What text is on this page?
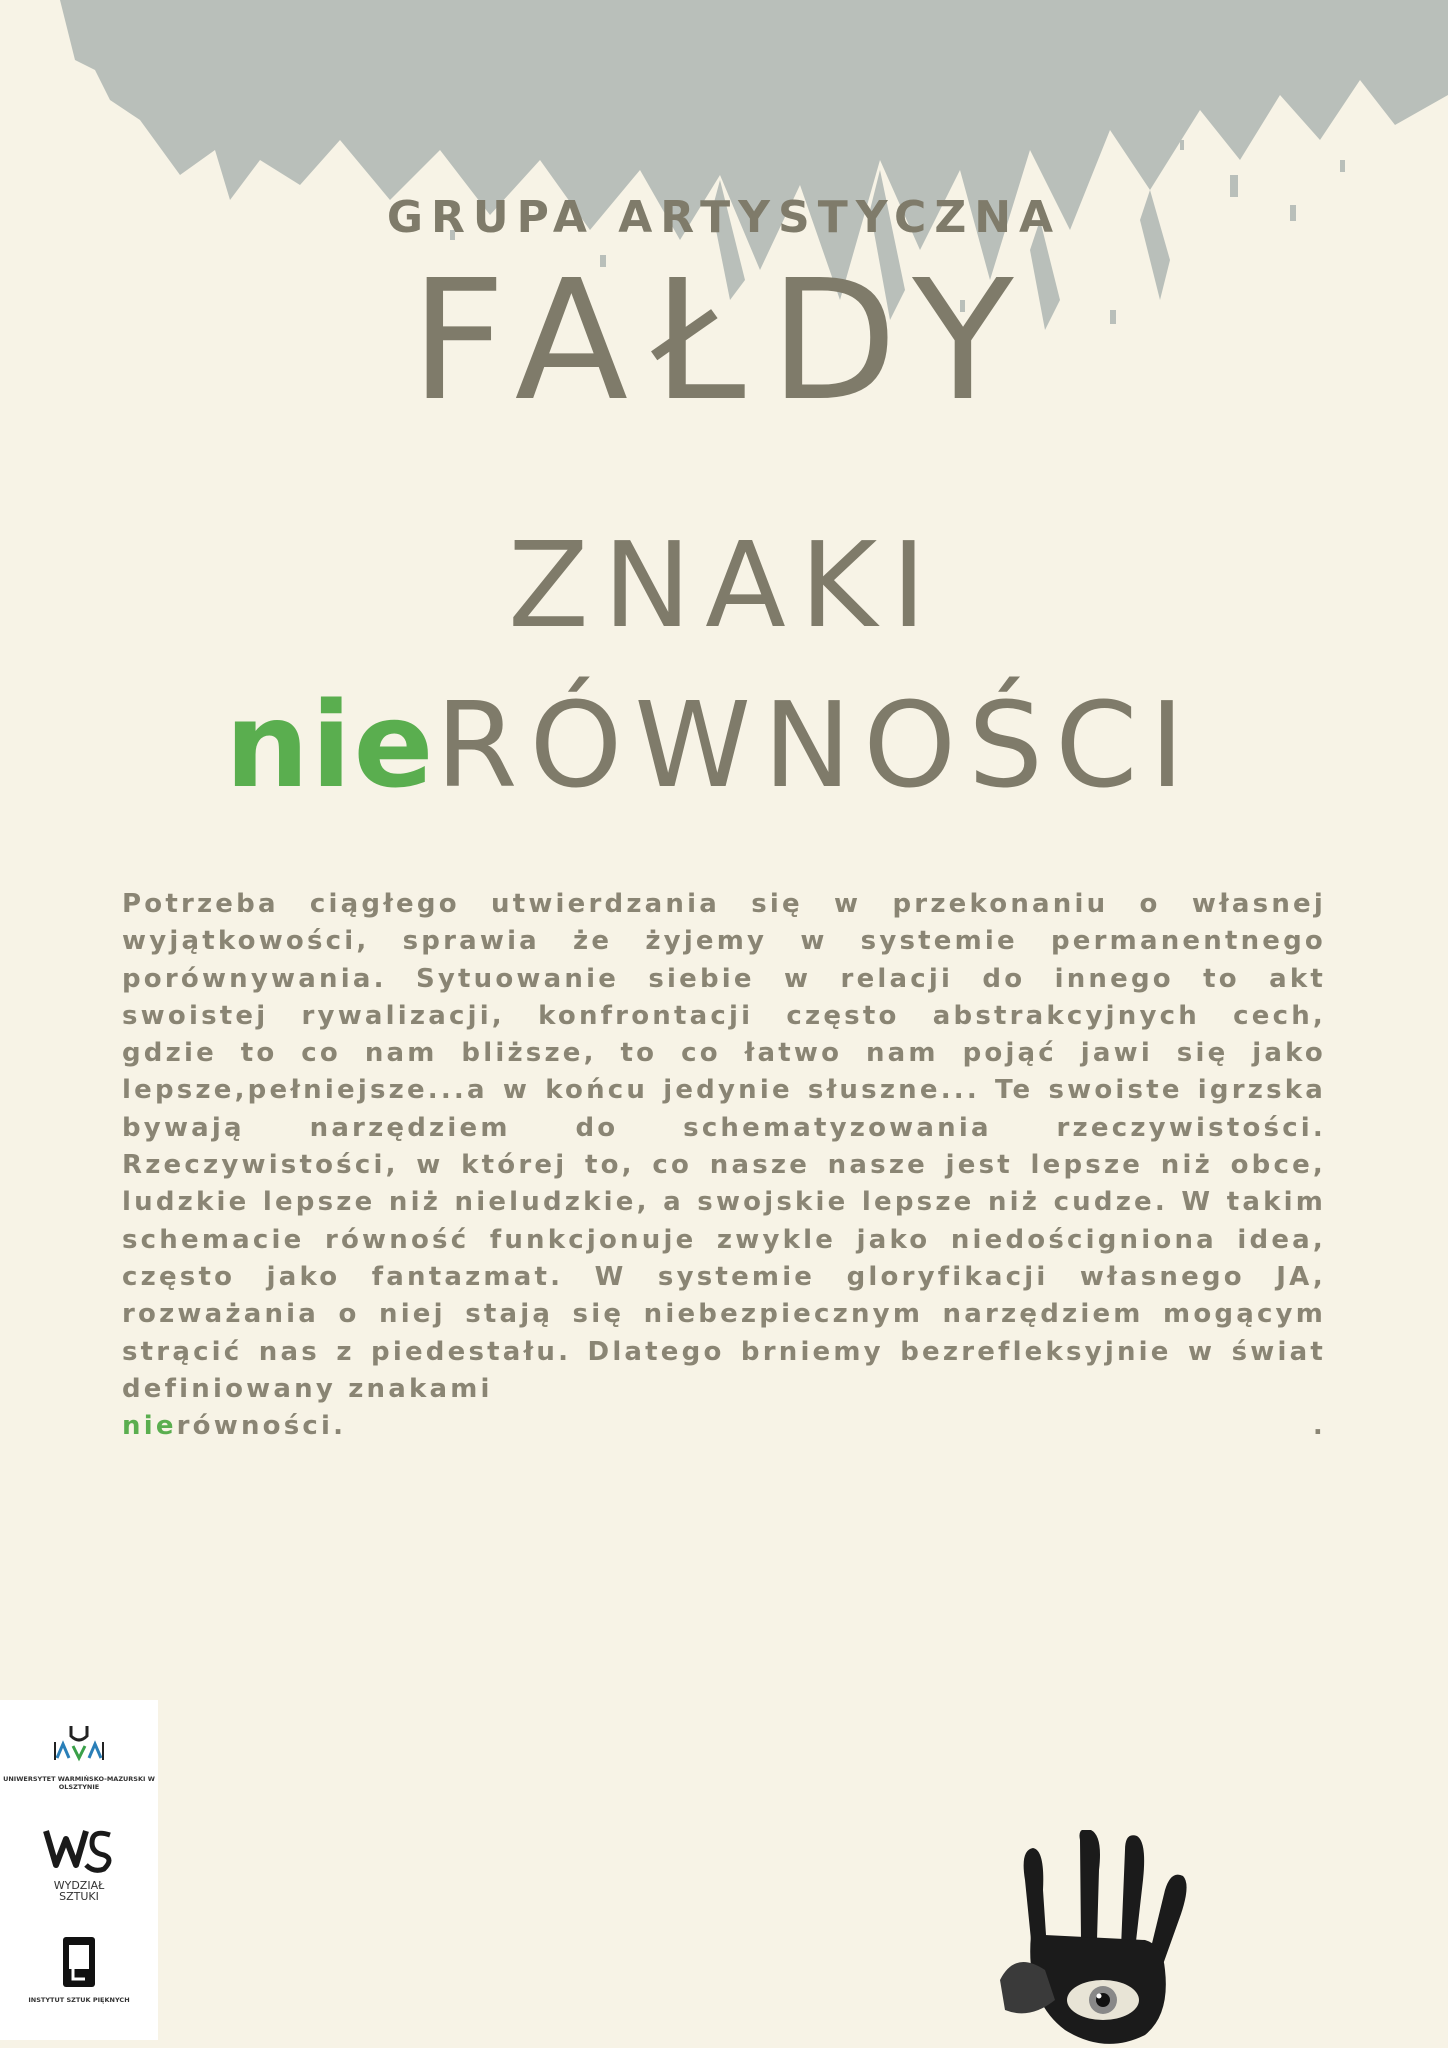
GRUPA ARTYSTYCZNA
FAŁDY
ZNAKI
nieRÓWNOŚCI
Potrzeba ciągłego utwierdzania się w przekonaniu o własnej wyjątkowości, sprawia że żyjemy w systemie permanentnego porównywania. Sytuowanie siebie w relacji do innego to akt swoistej rywalizacji, konfrontacji często abstrakcyjnych cech, gdzie to co nam bliższe, to co łatwo nam pojąć jawi się jako lepsze,pełniejsze...a w końcu jedynie słuszne... Te swoiste igrzska bywają narzędziem do schematyzowania rzeczywistości. Rzeczywistości, w której to, co nasze nasze jest lepsze niż obce, ludzkie lepsze niż nieludzkie, a swojskie lepsze niż cudze. W takim schemacie równość funkcjonuje zwykle jako niedościgniona idea, często jako fantazmat. W systemie gloryfikacji własnego JA, rozważania o niej stają się niebezpiecznym narzędziem mogącym strącić nas z piedestału. Dlatego brniemy bezrefleksyjnie w świat definiowany znakami
nierówności.	.
UNIWERSYTET WARMIŃSKO-MAZURSKI W OLSZTYNIE
WYDZIAŁ
SZTUKI
INSTYTUT SZTUK PIĘKNYCH
